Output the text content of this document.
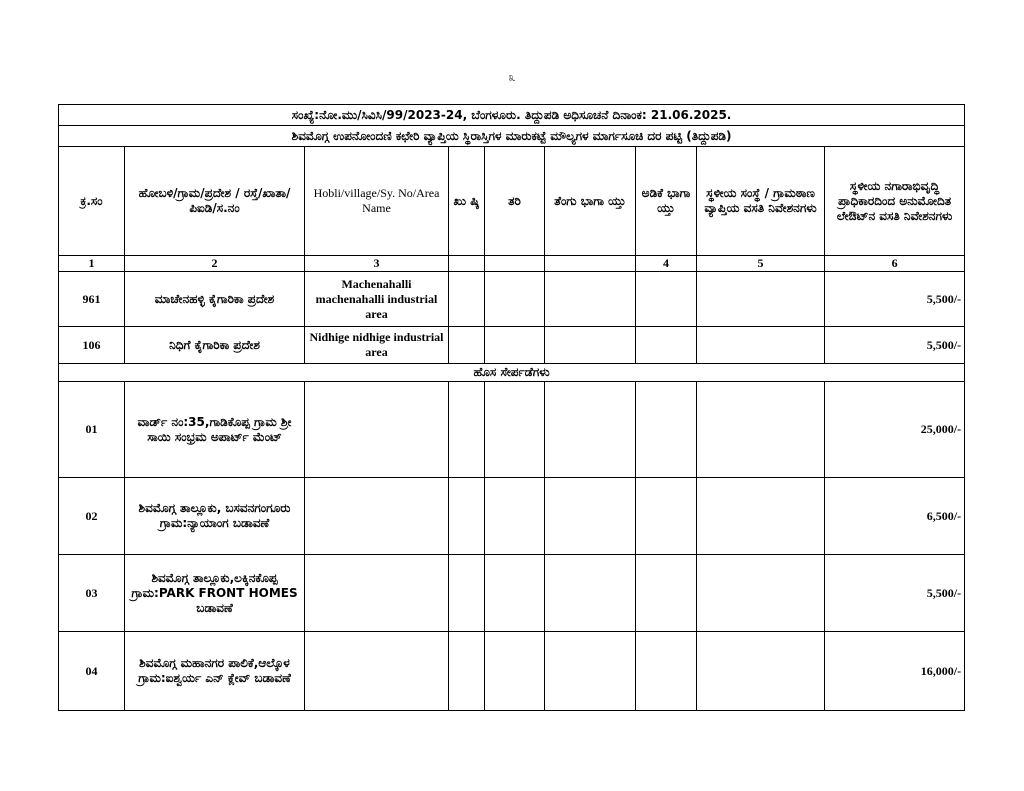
೩
ಸಂಖ್ಯೆ:ನೋ.ಮು/ಸಿವಿಸಿ/99/2023-24, ಬೆಂಗಳೂರು. ತಿದ್ದುಪಡಿ ಅಧಿಸೂಚನೆ ದಿನಾಂಕ: 21.06.2025.								
ಶಿವಮೊಗ್ಗ ಉಪನೋಂದಣಿ ಕಛೇರಿ ವ್ಯಾಪ್ತಿಯ ಸ್ಥಿರಾಸ್ತಿಗಳ ಮಾರುಕಟ್ಟೆ ಮೌಲ್ಯಗಳ ಮಾರ್ಗಸೂಚಿ ದರ ಪಟ್ಟಿ (ತಿದ್ದುಪಡಿ)								
ಕ್ರ.ಸಂ	ಹೋಬಳಿ/ಗ್ರಾಮ/ಪ್ರದೇಶ / ರಸ್ತೆ/ಖಾತಾ/ ಪಿಐಡಿ/ಸ.ನಂ	Hobli/village/Sy. No/Area Name	ಖು ಷ್ಕಿ	ತರಿ	ತೆಂಗು ಭಾಗಾ ಯ್ತು	ಅಡಿಕೆ ಭಾಗಾ ಯ್ತು	ಸ್ಥಳೀಯ ಸಂಸ್ಥೆ / ಗ್ರಾಮಠಾಣ ವ್ಯಾಪ್ತಿಯ ವಸತಿ ನಿವೇಶನಗಳು	ಸ್ಥಳೀಯ ನಗಾರಾಭಿವೃದ್ಧಿ ಪ್ರಾಧಿಕಾರದಿಂದ ಅನುಮೋದಿತ ಲೇಔಟ್‌ನ ವಸತಿ ನಿವೇಶನಗಳು
1	2	3				4	5	6
961	ಮಾಚೇನಹಳ್ಳಿ ಕೈಗಾರಿಕಾ ಪ್ರದೇಶ	Machenahalli machenahalli industrial area						5,500/-
106	ನಿಧಿಗೆ ಕೈಗಾರಿಕಾ ಪ್ರದೇಶ	Nidhige nidhige industrial area						5,500/-
ಹೊಸ ಸೇರ್ಪಡೆಗಳು								
01	ವಾರ್ಡ್ ನಂ:35,ಗಾಡಿಕೊಪ್ಪ ಗ್ರಾಮ ಶ್ರೀ ಸಾಯಿ ಸಂಭ್ರಮ ಅಪಾರ್ಟ್ ಮೆಂಟ್							25,000/-
02	ಶಿವಮೊಗ್ಗ ತಾಲ್ಲೂಕು, ಬಸವನಗಂಗೂರು ಗ್ರಾಮ:ನ್ಯಾಯಾಂಗ ಬಡಾವಣೆ							6,500/-
03	ಶಿವಮೊಗ್ಗ ತಾಲ್ಲೂಕು,ಲಕ್ಕಿನಕೊಪ್ಪ ಗ್ರಾಮ:PARK FRONT HOMES ಬಡಾವಣೆ							5,500/-
04	ಶಿವಮೊಗ್ಗ ಮಹಾನಗರ ಪಾಲಿಕೆ,ಆಲ್ಕೊಳ ಗ್ರಾಮ:ಐಶ್ವರ್ಯ ಎನ್ ಕ್ಲೇವ್ ಬಡಾವಣೆ							16,000/-
